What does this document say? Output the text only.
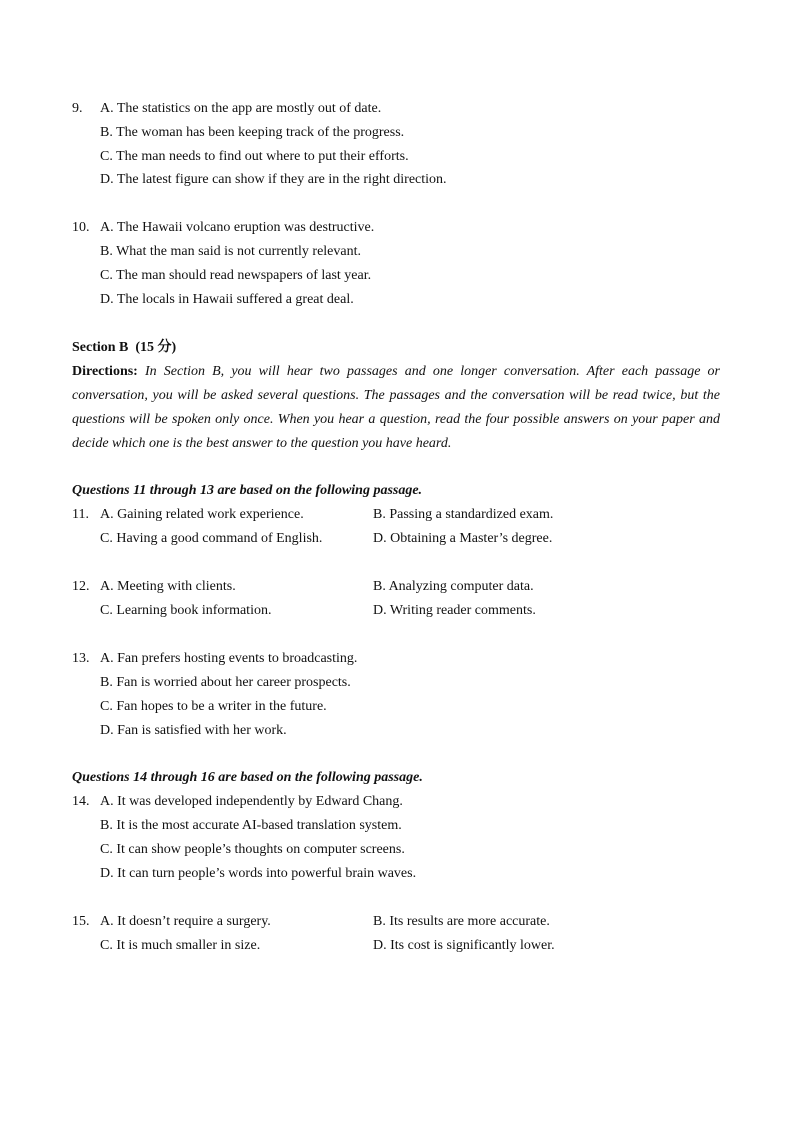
9. A. The statistics on the app are mostly out of date.
B. The woman has been keeping track of the progress.
C. The man needs to find out where to put their efforts.
D. The latest figure can show if they are in the right direction.
10. A. The Hawaii volcano eruption was destructive.
B. What the man said is not currently relevant.
C. The man should read newspapers of last year.
D. The locals in Hawaii suffered a great deal.
Section B  (15 分)
Directions: In Section B, you will hear two passages and one longer conversation. After each passage or conversation, you will be asked several questions. The passages and the conversation will be read twice, but the questions will be spoken only once. When you hear a question, read the four possible answers on your paper and decide which one is the best answer to the question you have heard.
Questions 11 through 13 are based on the following passage.
11. A. Gaining related work experience.	B. Passing a standardized exam.
C. Having a good command of English.	D. Obtaining a Master’s degree.
12. A. Meeting with clients.	B. Analyzing computer data.
C. Learning book information.	D. Writing reader comments.
13. A. Fan prefers hosting events to broadcasting.
B. Fan is worried about her career prospects.
C. Fan hopes to be a writer in the future.
D. Fan is satisfied with her work.
Questions 14 through 16 are based on the following passage.
14. A. It was developed independently by Edward Chang.
B. It is the most accurate AI-based translation system.
C. It can show people’s thoughts on computer screens.
D. It can turn people’s words into powerful brain waves.
15. A. It doesn’t require a surgery.	B. Its results are more accurate.
C. It is much smaller in size.	D. Its cost is significantly lower.
